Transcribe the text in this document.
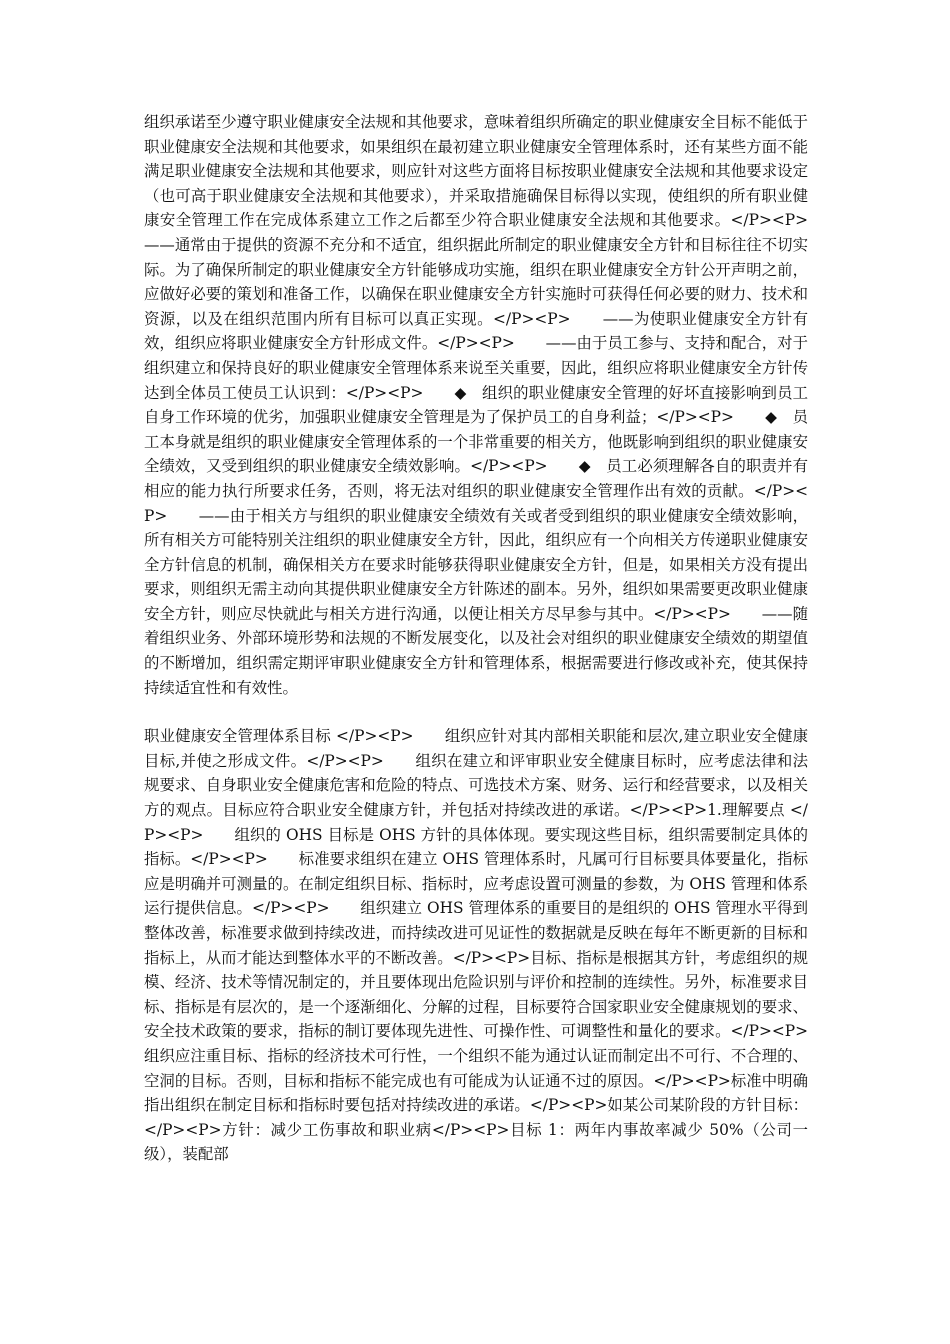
组织承诺至少遵守职业健康安全法规和其他要求，意味着组织所确定的职业健康安全目标不能低于职业健康安全法规和其他要求，如果组织在最初建立职业健康安全管理体系时，还有某些方面不能满足职业健康安全法规和其他要求，则应针对这些方面将目标按职业健康安全法规和其他要求设定（也可高于职业健康安全法规和其他要求），并采取措施确保目标得以实现，使组织的所有职业健康安全管理工作在完成体系建立工作之后都至少符合职业健康安全法规和其他要求。</P><P>　　——通常由于提供的资源不充分和不适宜，组织据此所制定的职业健康安全方针和目标往往不切实际。为了确保所制定的职业健康安全方针能够成功实施，组织在职业健康安全方针公开声明之前，应做好必要的策划和准备工作，以确保在职业健康安全方针实施时可获得任何必要的财力、技术和资源，以及在组织范围内所有目标可以真正实现。</P><P>　　——为使职业健康安全方针有效，组织应将职业健康安全方针形成文件。</P><P>　　——由于员工参与、支持和配合，对于组织建立和保持良好的职业健康安全管理体系来说至关重要，因此，组织应将职业健康安全方针传达到全体员工使员工认识到：</P><P>　　◆　组织的职业健康安全管理的好坏直接影响到员工自身工作环境的优劣，加强职业健康安全管理是为了保护员工的自身利益；</P><P>　　◆　员工本身就是组织的职业健康安全管理体系的一个非常重要的相关方，他既影响到组织的职业健康安全绩效，又受到组织的职业健康安全绩效影响。</P><P>　　◆　员工必须理解各自的职责并有相应的能力执行所要求任务，否则，将无法对组织的职业健康安全管理作出有效的贡献。</P><P>　　——由于相关方与组织的职业健康安全绩效有关或者受到组织的职业健康安全绩效影响，所有相关方可能特别关注组织的职业健康安全方针，因此，组织应有一个向相关方传递职业健康安全方针信息的机制，确保相关方在要求时能够获得职业健康安全方针，但是，如果相关方没有提出要求，则组织无需主动向其提供职业健康安全方针陈述的副本。另外，组织如果需要更改职业健康安全方针，则应尽快就此与相关方进行沟通，以便让相关方尽早参与其中。</P><P>　　——随着组织业务、外部环境形势和法规的不断发展变化，以及社会对组织的职业健康安全绩效的期望值的不断增加，组织需定期评审职业健康安全方针和管理体系，根据需要进行修改或补充，使其保持持续适宜性和有效性。

职业健康安全管理体系目标 </P><P>　　组织应针对其内部相关职能和层次,建立职业安全健康目标,并使之形成文件。</P><P>　　组织在建立和评审职业安全健康目标时，应考虑法律和法规要求、自身职业安全健康危害和危险的特点、可选技术方案、财务、运行和经营要求，以及相关方的观点。目标应符合职业安全健康方针，并包括对持续改进的承诺。</P><P>1.理解要点 </P><P>　　组织的 OHS 目标是 OHS 方针的具体体现。要实现这些目标，组织需要制定具体的指标。</P><P>　　标准要求组织在建立 OHS 管理体系时，凡属可行目标要具体要量化，指标应是明确并可测量的。在制定组织目标、指标时，应考虑设置可测量的参数，为 OHS 管理和体系运行提供信息。</P><P>　　组织建立 OHS 管理体系的重要目的是组织的 OHS 管理水平得到整体改善，标准要求做到持续改进，而持续改进可见证性的数据就是反映在每年不断更新的目标和指标上，从而才能达到整体水平的不断改善。</P><P>目标、指标是根据其方针，考虑组织的规模、经济、技术等情况制定的，并且要体现出危险识别与评价和控制的连续性。另外，标准要求目标、指标是有层次的，是一个逐渐细化、分解的过程，目标要符合国家职业安全健康规划的要求、安全技术政策的要求，指标的制订要体现先进性、可操作性、可调整性和量化的要求。</P><P>　　组织应注重目标、指标的经济技术可行性，一个组织不能为通过认证而制定出不可行、不合理的、空洞的目标。否则，目标和指标不能完成也有可能成为认证通不过的原因。</P><P>标准中明确指出组织在制定目标和指标时要包括对持续改进的承诺。</P><P>如某公司某阶段的方针目标：</P><P>方针：减少工伤事故和职业病</P><P>目标 1：两年内事故率减少 50%（公司一级），装配部
